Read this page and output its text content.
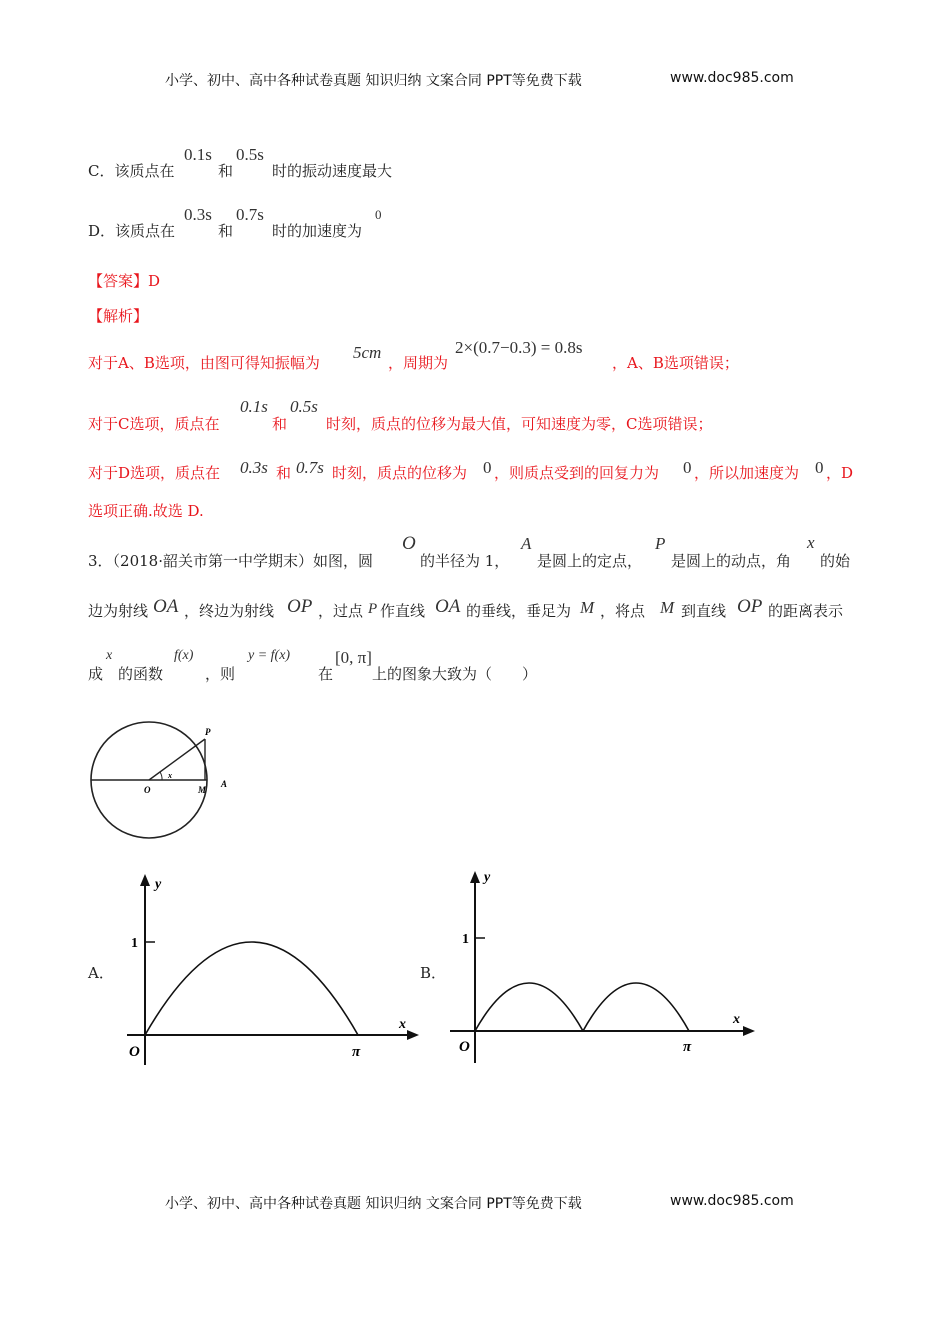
小学、初中、高中各种试卷真题 知识归纳 文案合同 PPT等免费下载	www.doc985.com
C．该质点在
0.1s
和
0.5s
时的振动速度最大
D．该质点在
0.3s
和
0.7s
时的加速度为
0
【答案】D
【解析】
对于A、B选项，由图可得知振幅为
5cm
，周期为
2×(0.7−0.3) = 0.8s
，A、B选项错误；
对于C选项，质点在
0.1s
和
0.5s
时刻，质点的位移为最大值，可知速度为零，C选项错误；
对于D选项，质点在 0.3s 和 0.7s 时刻，质点的位移为 0 ，则质点受到的回复力为 0 ，所以加速度为 0 ，D
选项正确.故选 D.
3．（2018·韶关市第一中学期末）如图，圆
O
的半径为 1，
A
是圆上的定点，
P
是圆上的动点，角
x
的始
边为射线 OA ，终边为射线 OP ，过点 P 作直线 OA 的垂线，垂足为 M ，将点 M 到直线 OP 的距离表示
成
x
的函数
f(x)
，则
y = f(x)
在
[0, π]
上的图象大致为（　　）
P
x
O	M
A
A．
y
x
1
O	π
B．
y
x
1
O	π
小学、初中、高中各种试卷真题 知识归纳 文案合同 PPT等免费下载	www.doc985.com
